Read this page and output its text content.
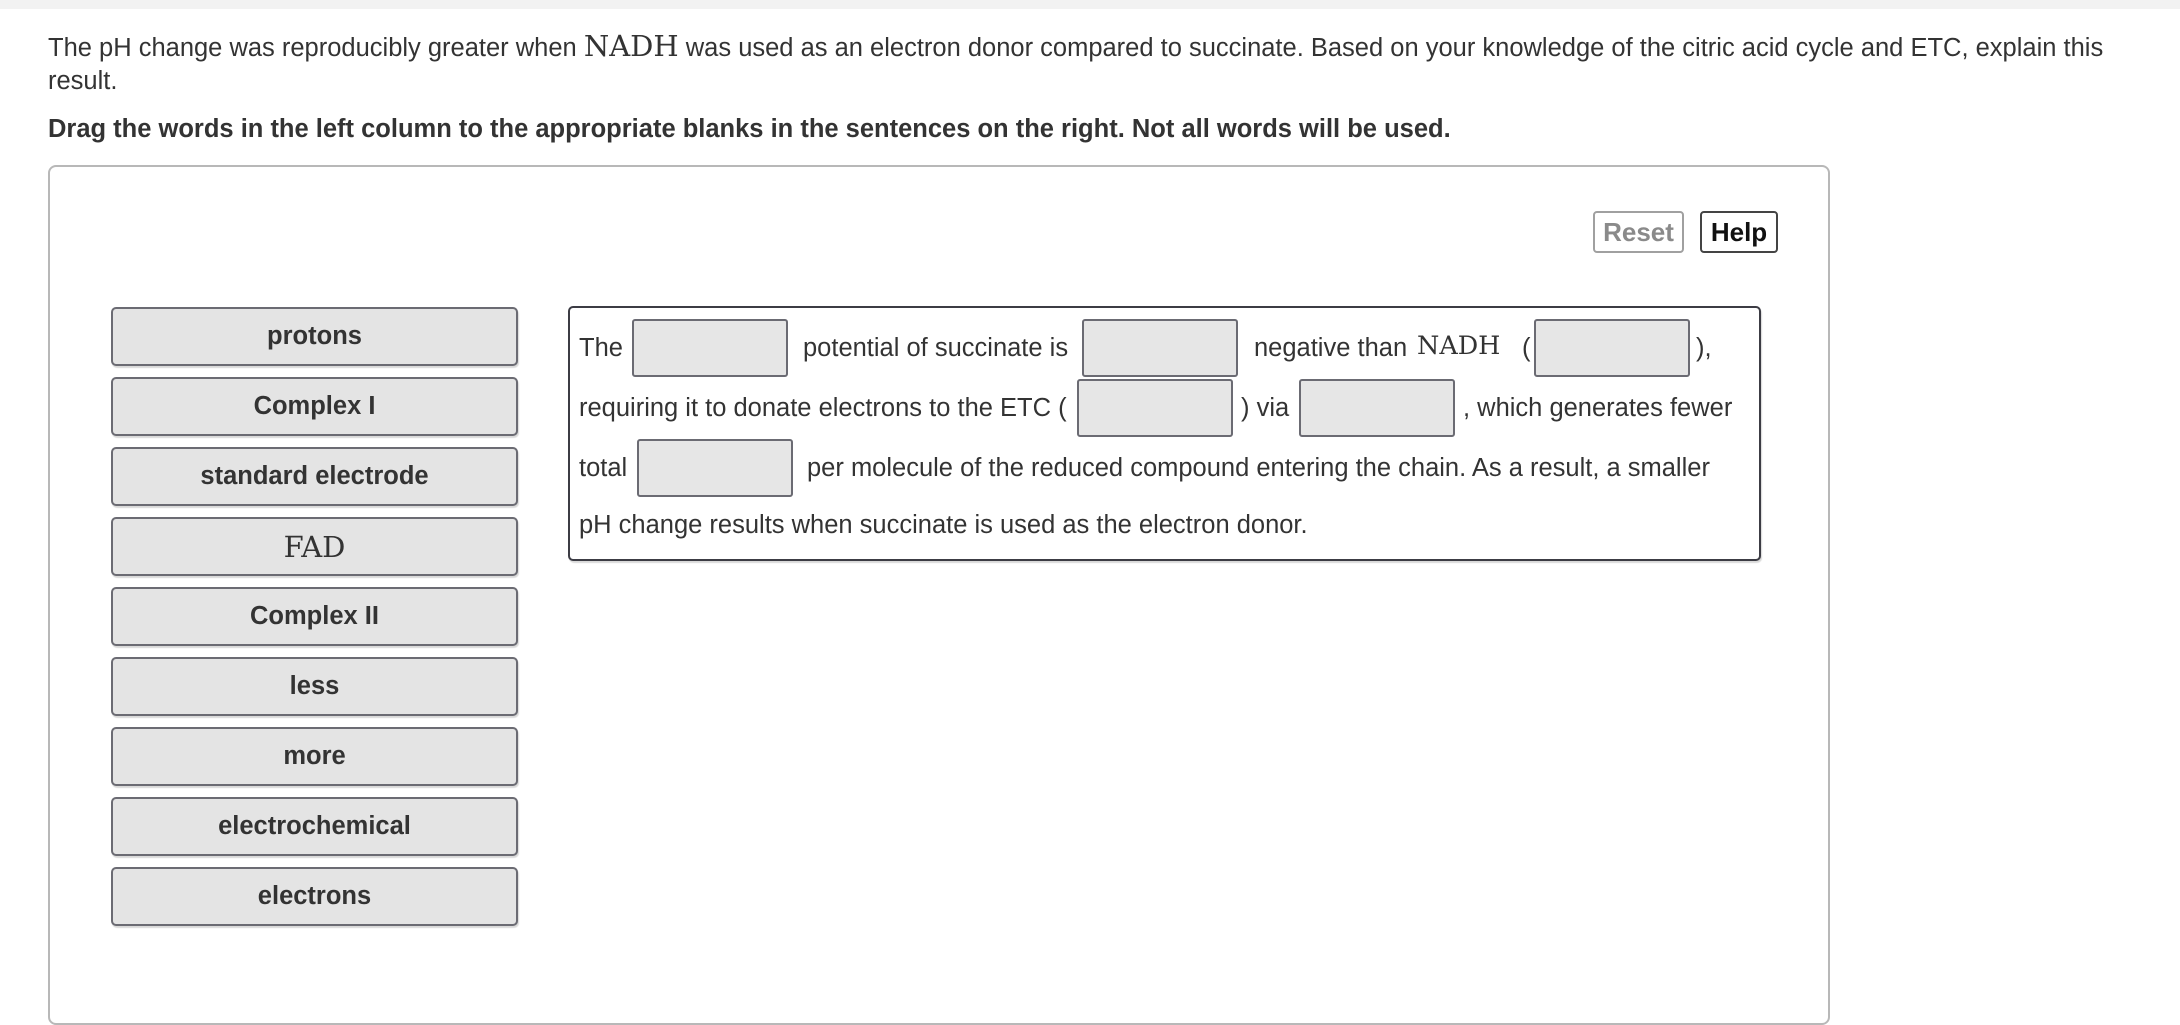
The pH change was reproducibly greater when NADH was used as an electron donor compared to succinate. Based on your knowledge of the citric acid cycle and ETC, explain this result.
Drag the words in the left column to the appropriate blanks in the sentences on the right. Not all words will be used.
Reset	Help
protons
Complex I
standard electrode
FAD
Complex II
less
more
electrochemical
electrons
The	potential of succinate is	negative than NADH (	),
requiring it to donate electrons to the ETC (	) via	, which generates fewer
total	per molecule of the reduced compound entering the chain. As a result, a smaller
pH change results when succinate is used as the electron donor.
